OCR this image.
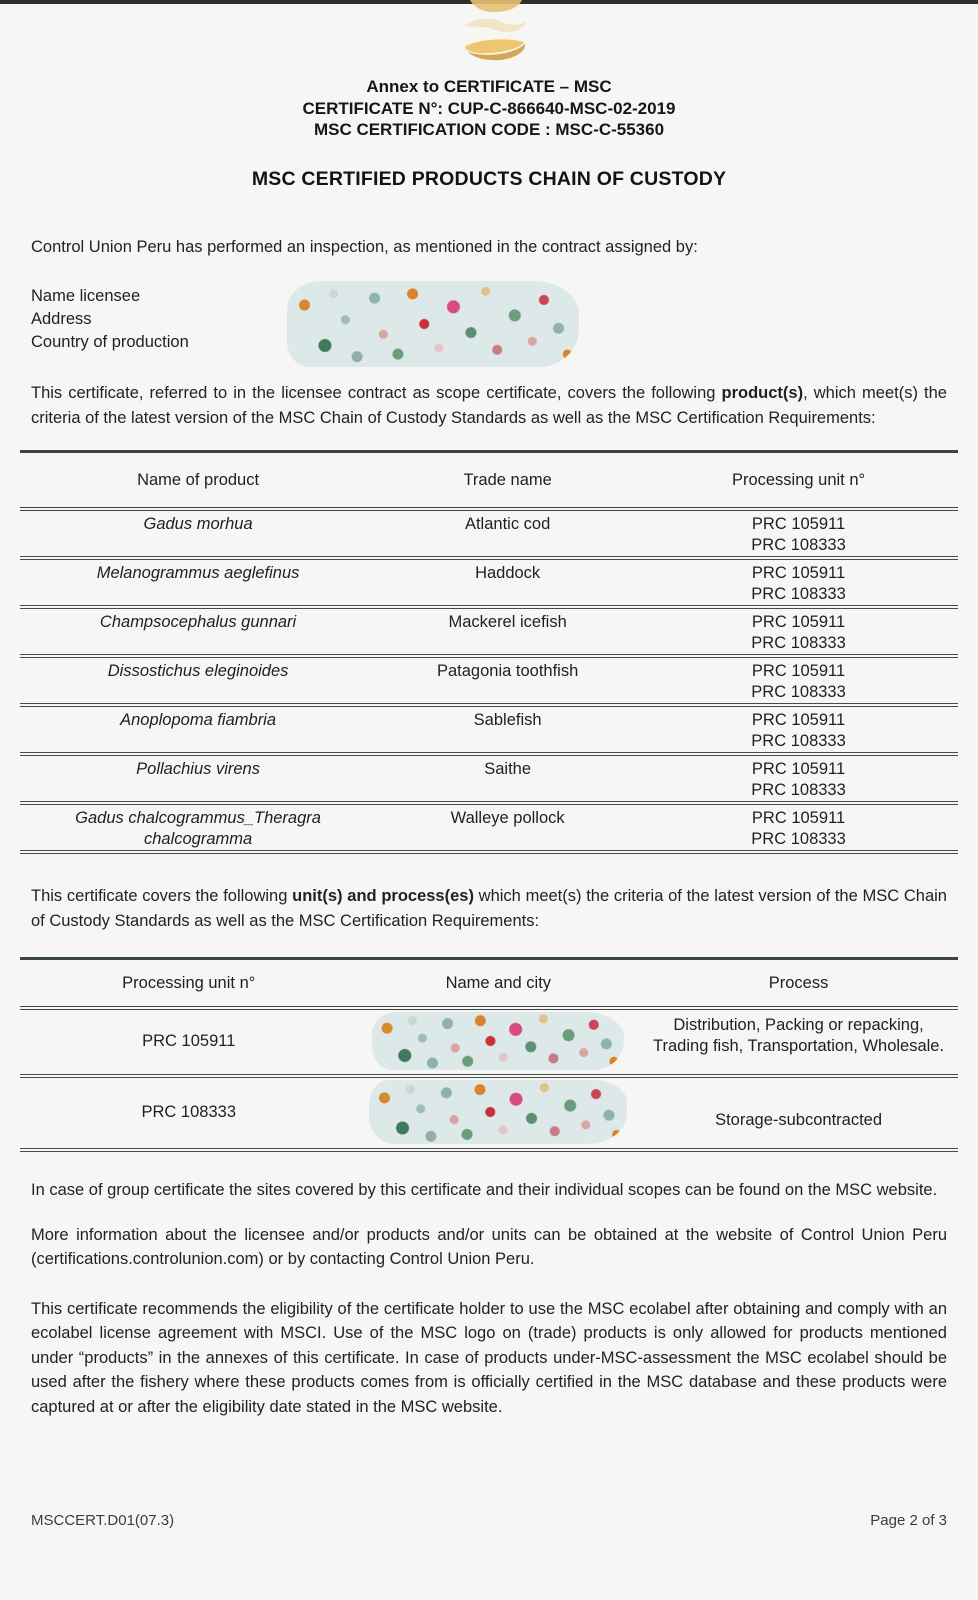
Annex to CERTIFICATE – MSC
CERTIFICATE N°: CUP-C-866640-MSC-02-2019
MSC CERTIFICATION CODE : MSC-C-55360
MSC CERTIFIED PRODUCTS CHAIN OF CUSTODY

Control Union Peru has performed an inspection, as mentioned in the contract assigned by:

Name licensee
Address
Country of production

This certificate, referred to in the licensee contract as scope certificate, covers the following product(s), which meet(s) the criteria of the latest version of the MSC Chain of Custody Standards as well as the MSC Certification Requirements:

Name of product	Trade name	Processing unit n°

Gadus morhua	Atlantic cod	PRC 105911
PRC 108333

Melanogrammus aeglefinus	Haddock	PRC 105911
PRC 108333

Champsocephalus gunnari	Mackerel icefish	PRC 105911
PRC 108333

Dissostichus eleginoides	Patagonia toothfish	PRC 105911
PRC 108333

Anoplopoma fiambria	Sablefish	PRC 105911
PRC 108333

Pollachius virens	Saithe	PRC 105911
PRC 108333

Gadus chalcogrammus_Theragra chalcogramma	Walleye pollock	PRC 105911
PRC 108333

This certificate covers the following unit(s) and process(es) which meet(s) the criteria of the latest version of the MSC Chain of Custody Standards as well as the MSC Certification Requirements:

Processing unit n°	Name and city	Process
PRC 105911		Distribution, Packing or repacking, Trading fish, Transportation, Wholesale.

PRC 108333		Storage-subcontracted

In case of group certificate the sites covered by this certificate and their individual scopes can be found on the MSC website.

More information about the licensee and/or products and/or units can be obtained at the website of Control Union Peru (certifications.controlunion.com) or by contacting Control Union Peru.

This certificate recommends the eligibility of the certificate holder to use the MSC ecolabel after obtaining and comply with an ecolabel license agreement with MSCI. Use of the MSC logo on (trade) products is only allowed for products mentioned under “products” in the annexes of this certificate. In case of products under-MSC-assessment the MSC ecolabel should be used after the fishery where these products comes from is officially certified in the MSC database and these products were captured at or after the eligibility date stated in the MSC website.

MSCCERT.D01(07.3)	Page 2 of 3
